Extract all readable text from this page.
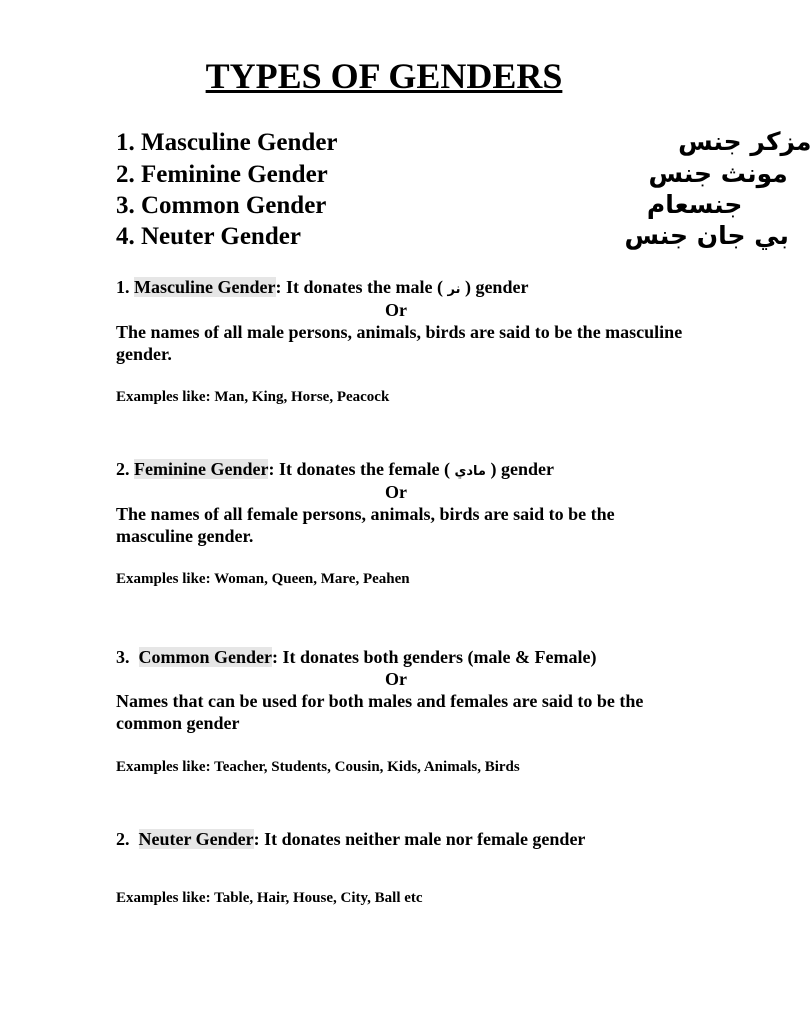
TYPES OF GENDERS
1. Masculine Gender	مزكر جنس
2. Feminine Gender	مونث جنس
3. Common Gender	جنسعام
4. Neuter Gender	بي جان جنس
1. Masculine Gender: It donates the male ( نر ) gender
Or
The names of all male persons, animals, birds are said to be the masculine gender.
Examples like: Man, King, Horse, Peacock
2. Feminine Gender: It donates the female ( مادي ) gender
Or
The names of all female persons, animals, birds are said to be the masculine gender.
Examples like: Woman, Queen, Mare, Peahen
3.  Common Gender: It donates both genders (male & Female)
Or
Names that can be used for both males and females are said to be the common gender
Examples like: Teacher, Students, Cousin, Kids, Animals, Birds
2.  Neuter Gender: It donates neither male nor female gender
Examples like: Table, Hair, House, City, Ball etc
